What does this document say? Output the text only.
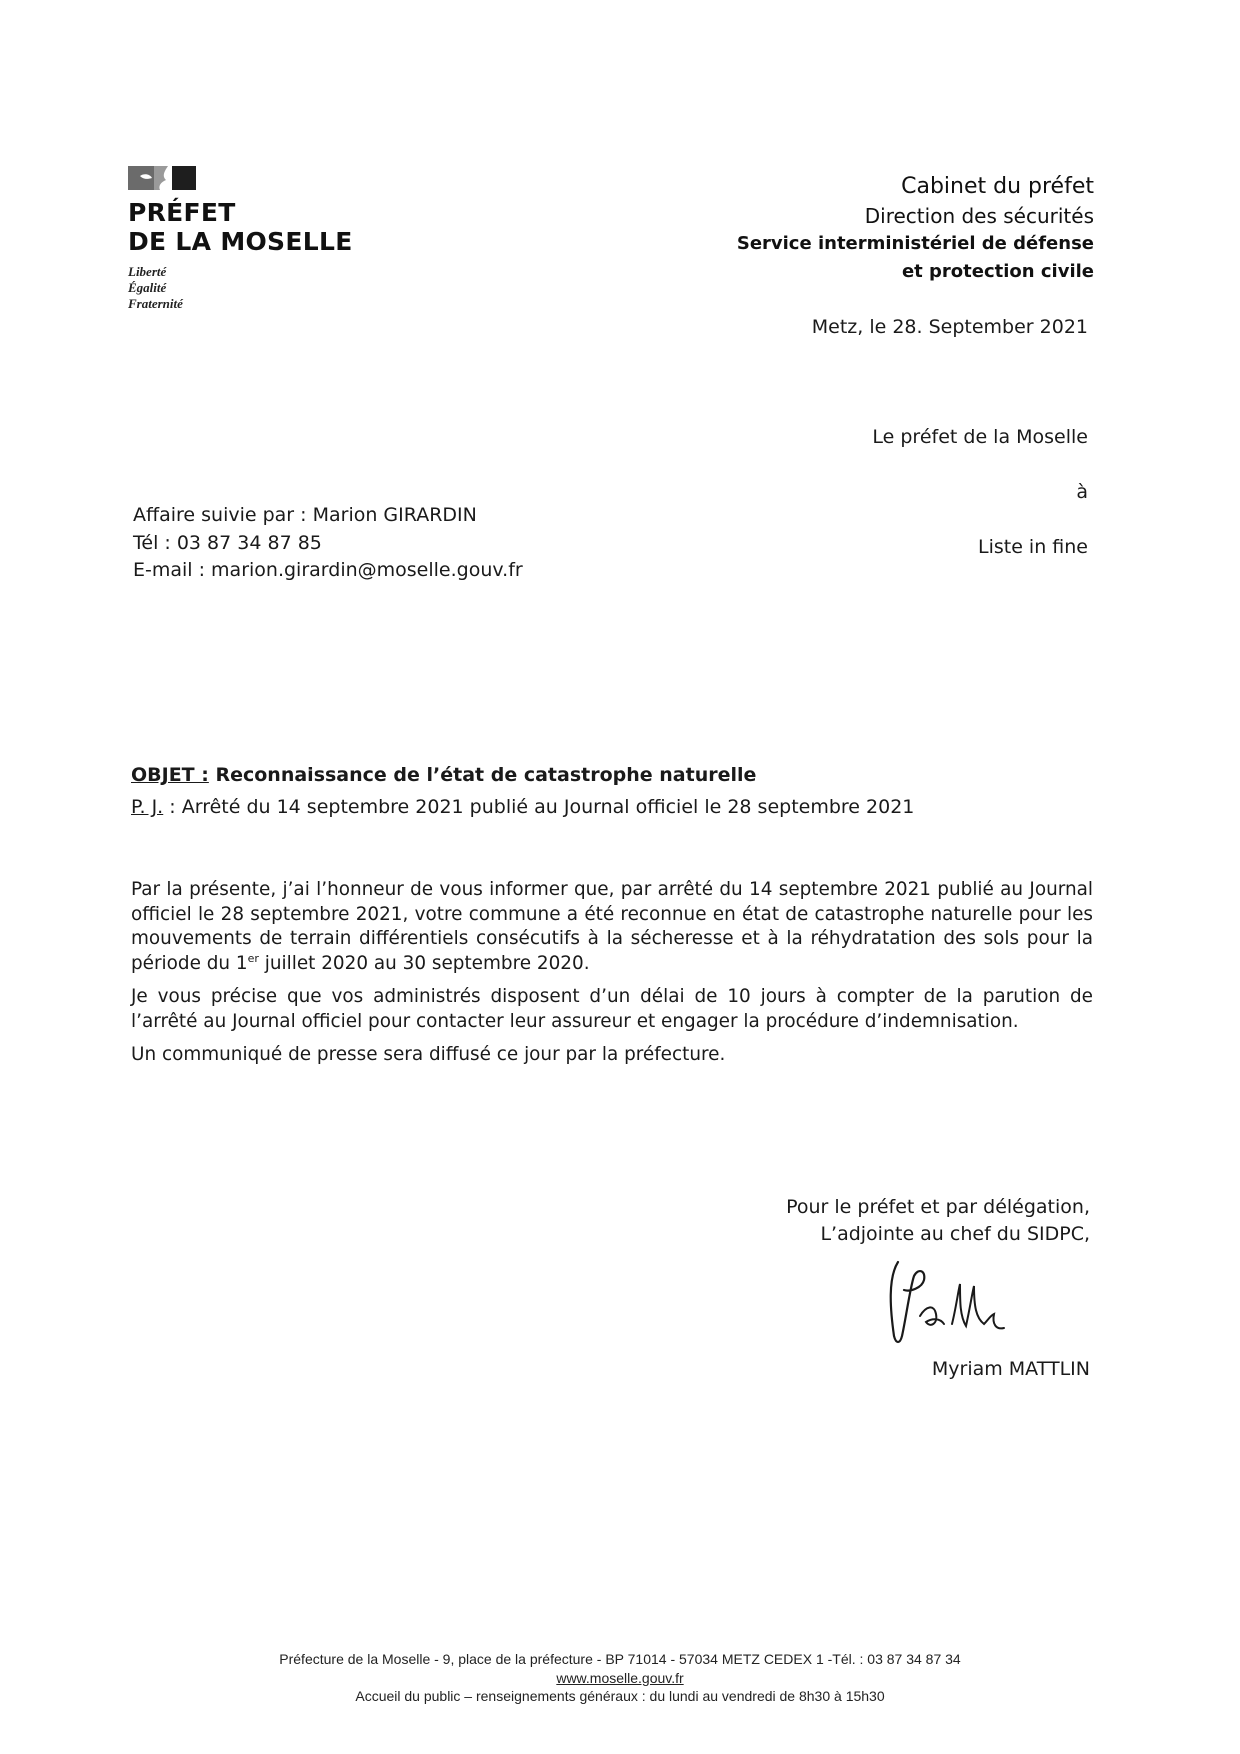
PRÉFET
DE LA MOSELLE
Liberté
Égalité
Fraternité
Cabinet du préfet
Direction des sécurités
Service interministériel de défense
et protection civile
Metz, le 28. September 2021
Le préfet de la Moselle
à
Liste in fine
Affaire suivie par : Marion GIRARDIN
Tél : 03 87 34 87 85
E-mail : marion.girardin@moselle.gouv.fr
OBJET : Reconnaissance de l’état de catastrophe naturelle
P. J. : Arrêté du 14 septembre 2021 publié au Journal officiel le 28 septembre 2021

Par la présente, j’ai l’honneur de vous informer que, par arrêté du 14 septembre 2021 publié au Journal officiel le 28 septembre 2021, votre commune a été reconnue en état de catastrophe naturelle pour les mouvements de terrain différentiels consécutifs à la sécheresse et à la réhydratation des sols pour la période du 1er juillet 2020 au 30 septembre 2020.

Je vous précise que vos administrés disposent d’un délai de 10 jours à compter de la parution de l’arrêté au Journal officiel pour contacter leur assureur et engager la procédure d’indemnisation.

Un communiqué de presse sera diffusé ce jour par la préfecture.

Pour le préfet et par délégation,
L’adjointe au chef du SIDPC,
Myriam MATTLIN
Préfecture de la Moselle - 9, place de la préfecture - BP 71014 - 57034 METZ CEDEX 1 -Tél. : 03 87 34 87 34
www.moselle.gouv.fr
Accueil du public – renseignements généraux : du lundi au vendredi de 8h30 à 15h30
